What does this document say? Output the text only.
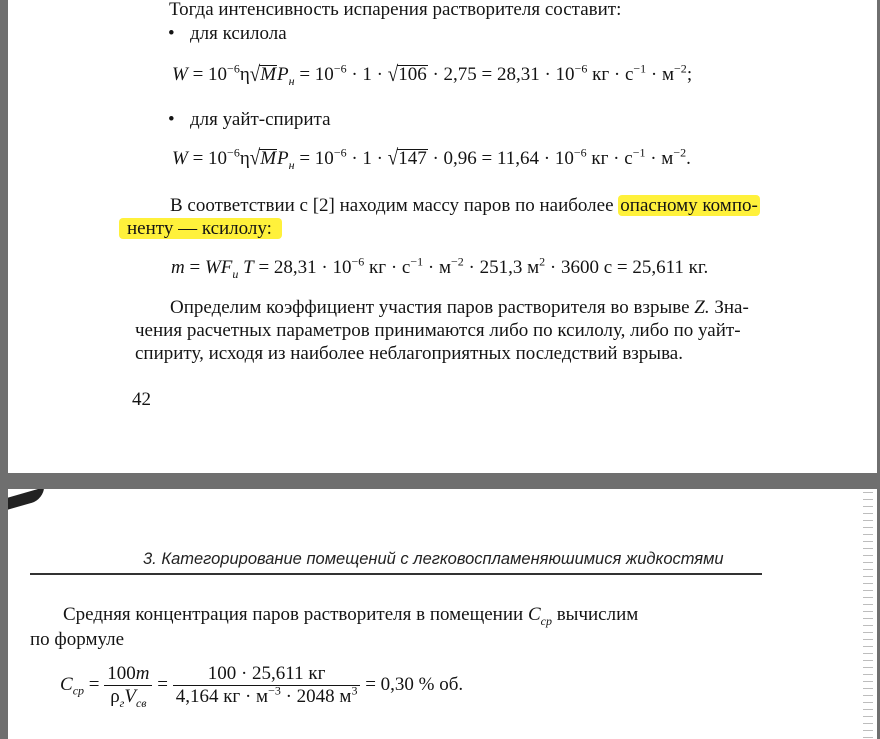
Тогда интенсивность испарения растворителя составит:
• для ксилола
$W = 10^{-6}\eta√MP_н = 10^{-6} \cdot 1 \cdot √106 \cdot 2,75 = 28,31 \cdot 10^{-6}$ кг · $с^{-1} \cdot м^{-2}$;
• для уайт-спирита
$W = 10^{-6}\eta√MP_н = 10^{-6} \cdot 1 \cdot √147 \cdot 0,96 = 11,64 \cdot 10^{-6}$ кг · $с^{-1} \cdot м^{-2}$.
В соответствии с [2] находим массу паров по наиболее опасному компо-
ненту — ксилолу:
$m = WF_и$ $T = 28,31 \cdot 10^{-6}$ кг · $с^{-1} \cdot м^{-2} \cdot 251,3$ $м^2 \cdot 3600$ с = 25,611 кг.
Определим коэффициент участия паров растворителя во взрыве Z. Зна-
чения расчетных параметров принимаются либо по ксилолу, либо по уайт-
спириту, исходя из наиболее неблагоприятных последствий взрыва.
42
3. Категорирование помещений с легковоспламеняюшимися жидкостями
Средняя концентрация паров растворителя в помещении $C_{ср}$ вычислим
по формуле
$C_{ср} = \frac{100m}{\rho_гV_{св}} = \frac{100 \cdot 25,611 кг}{4,164 кг \cdot м^{-3} \cdot 2048 м^3} = 0,30$ % об.
